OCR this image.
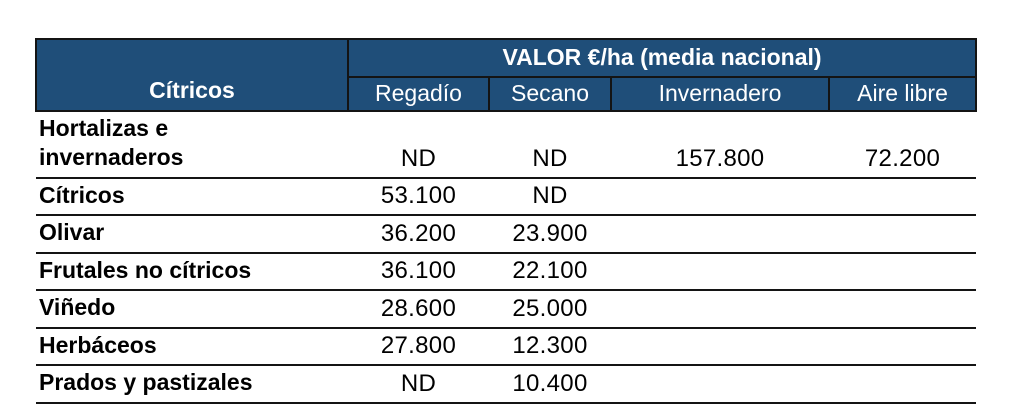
Cítricos	VALOR €/ha (media nacional)			
	Regadío	Secano	Invernadero	Aire libre
Hortalizas e invernaderos	ND	ND	157.800	72.200
Cítricos	53.100	ND		
Olivar	36.200	23.900		
Frutales no cítricos	36.100	22.100		
Viñedo	28.600	25.000		
Herbáceos	27.800	12.300		
Prados y pastizales	ND	10.400		
